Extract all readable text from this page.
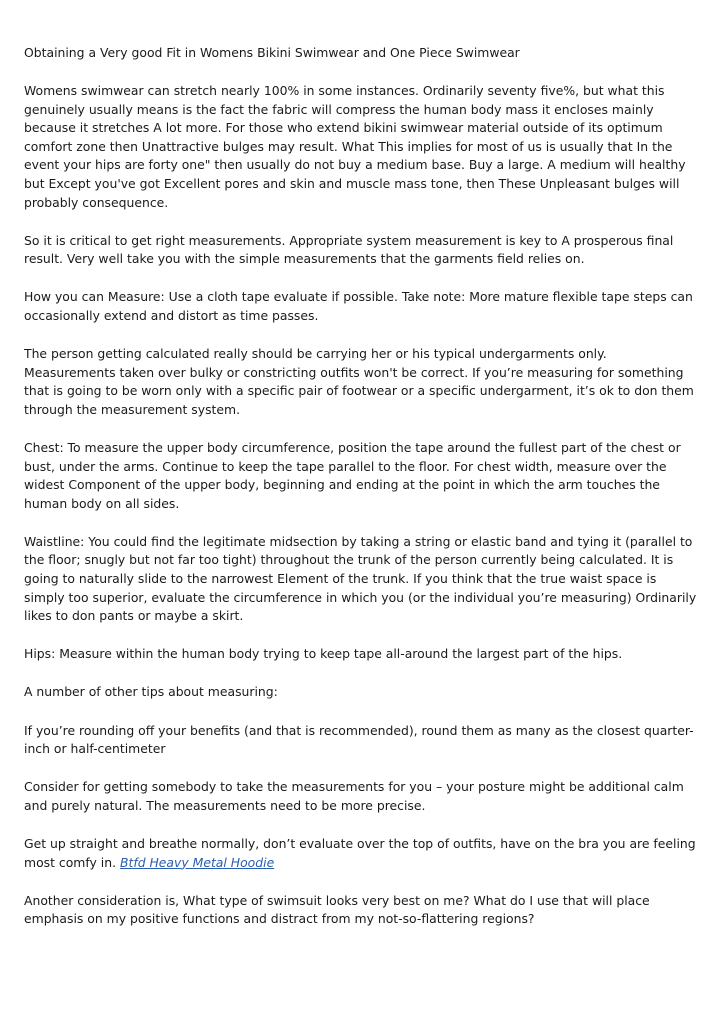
Obtaining a Very good Fit in Womens Bikini Swimwear and One Piece Swimwear

Womens swimwear can stretch nearly 100% in some instances. Ordinarily seventy five%, but what this genuinely usually means is the fact the fabric will compress the human body mass it encloses mainly because it stretches A lot more. For those who extend bikini swimwear material outside of its optimum comfort zone then Unattractive bulges may result. What This implies for most of us is usually that In the event your hips are forty one" then usually do not buy a medium base. Buy a large. A medium will healthy but Except you've got Excellent pores and skin and muscle mass tone, then These Unpleasant bulges will probably consequence.

So it is critical to get right measurements. Appropriate system measurement is key to A prosperous final result. Very well take you with the simple measurements that the garments field relies on.

How you can Measure: Use a cloth tape evaluate if possible. Take note: More mature flexible tape steps can occasionally extend and distort as time passes.

The person getting calculated really should be carrying her or his typical undergarments only. Measurements taken over bulky or constricting outfits won't be correct. If you’re measuring for something that is going to be worn only with a specific pair of footwear or a specific undergarment, it’s ok to don them through the measurement system.

Chest: To measure the upper body circumference, position the tape around the fullest part of the chest or bust, under the arms. Continue to keep the tape parallel to the floor. For chest width, measure over the widest Component of the upper body, beginning and ending at the point in which the arm touches the human body on all sides.

Waistline: You could find the legitimate midsection by taking a string or elastic band and tying it (parallel to the floor; snugly but not far too tight) throughout the trunk of the person currently being calculated. It is going to naturally slide to the narrowest Element of the trunk. If you think that the true waist space is simply too superior, evaluate the circumference in which you (or the individual you’re measuring) Ordinarily likes to don pants or maybe a skirt.

Hips: Measure within the human body trying to keep tape all-around the largest part of the hips.

A number of other tips about measuring:

If you’re rounding off your benefits (and that is recommended), round them as many as the closest quarter-inch or half-centimeter

Consider for getting somebody to take the measurements for you – your posture might be additional calm and purely natural. The measurements need to be more precise.

Get up straight and breathe normally, don’t evaluate over the top of outfits, have on the bra you are feeling most comfy in. Btfd Heavy Metal Hoodie

Another consideration is, What type of swimsuit looks very best on me? What do I use that will place emphasis on my positive functions and distract from my not-so-flattering regions?
